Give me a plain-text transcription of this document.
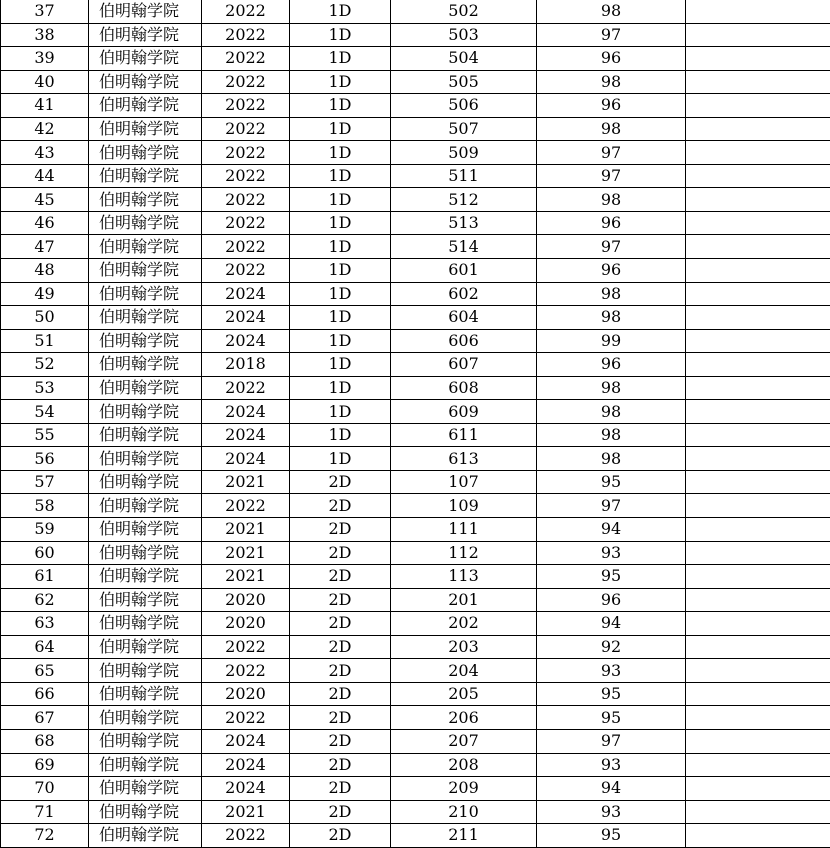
37	伯明翰学院	2022	1D	502	98	
38	伯明翰学院	2022	1D	503	97	
39	伯明翰学院	2022	1D	504	96	
40	伯明翰学院	2022	1D	505	98	
41	伯明翰学院	2022	1D	506	96	
42	伯明翰学院	2022	1D	507	98	
43	伯明翰学院	2022	1D	509	97	
44	伯明翰学院	2022	1D	511	97	
45	伯明翰学院	2022	1D	512	98	
46	伯明翰学院	2022	1D	513	96	
47	伯明翰学院	2022	1D	514	97	
48	伯明翰学院	2022	1D	601	96	
49	伯明翰学院	2024	1D	602	98	
50	伯明翰学院	2024	1D	604	98	
51	伯明翰学院	2024	1D	606	99	
52	伯明翰学院	2018	1D	607	96	
53	伯明翰学院	2022	1D	608	98	
54	伯明翰学院	2024	1D	609	98	
55	伯明翰学院	2024	1D	611	98	
56	伯明翰学院	2024	1D	613	98	
57	伯明翰学院	2021	2D	107	95	
58	伯明翰学院	2022	2D	109	97	
59	伯明翰学院	2021	2D	111	94	
60	伯明翰学院	2021	2D	112	93	
61	伯明翰学院	2021	2D	113	95	
62	伯明翰学院	2020	2D	201	96	
63	伯明翰学院	2020	2D	202	94	
64	伯明翰学院	2022	2D	203	92	
65	伯明翰学院	2022	2D	204	93	
66	伯明翰学院	2020	2D	205	95	
67	伯明翰学院	2022	2D	206	95	
68	伯明翰学院	2024	2D	207	97	
69	伯明翰学院	2024	2D	208	93	
70	伯明翰学院	2024	2D	209	94	
71	伯明翰学院	2021	2D	210	93	
72	伯明翰学院	2022	2D	211	95	
